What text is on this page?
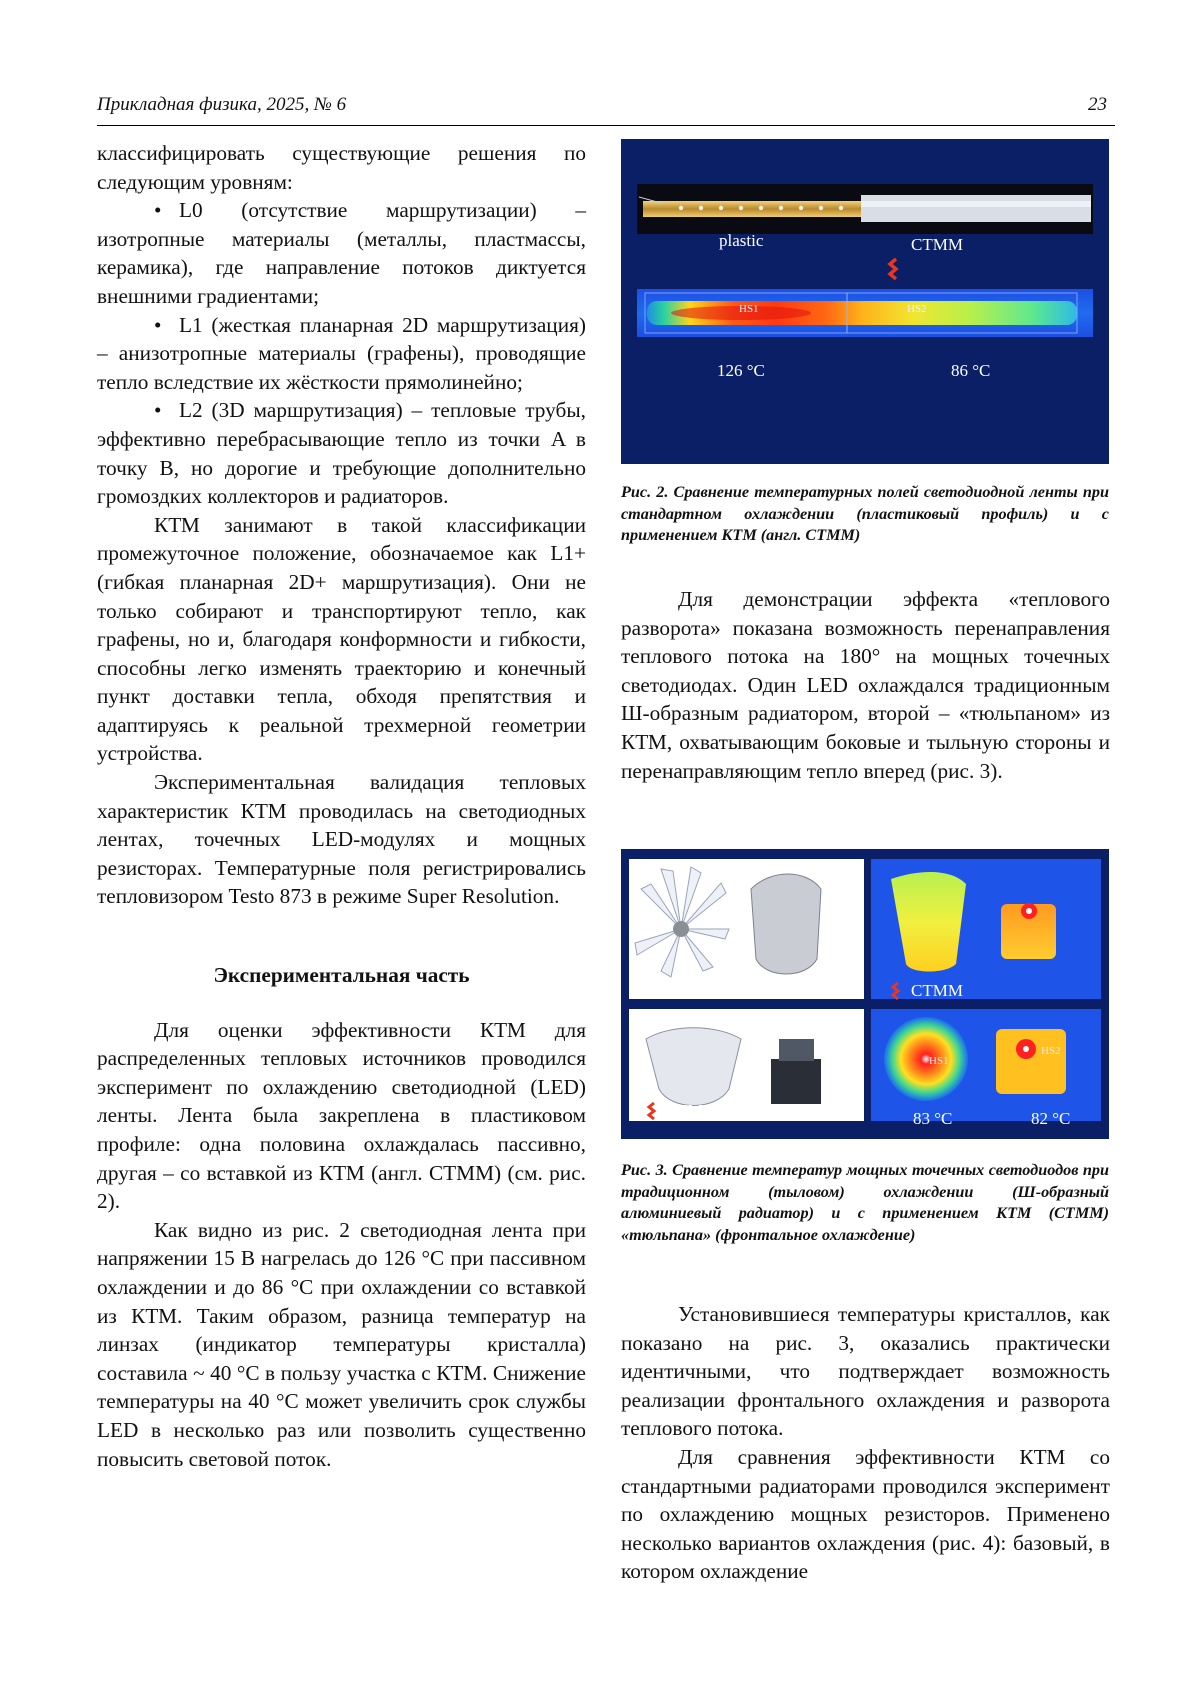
Прикладная физика, 2025, № 6	23

классифицировать существующие решения по следующим уровням:

• L0 (отсутствие маршрутизации) – изотропные материалы (металлы, пластмассы, керамика), где направление потоков диктуется внешними градиентами;

• L1 (жесткая планарная 2D маршрутизация) – анизотропные материалы (графены), проводящие тепло вследствие их жёсткости прямолинейно;

• L2 (3D маршрутизация) – тепловые трубы, эффективно перебрасывающие тепло из точки A в точку B, но дорогие и требующие дополнительно громоздких коллекторов и радиаторов.

КТМ занимают в такой классификации промежуточное положение, обозначаемое как L1+ (гибкая планарная 2D+ маршрутизация). Они не только собирают и транспортируют тепло, как графены, но и, благодаря конформности и гибкости, способны легко изменять траекторию и конечный пункт доставки тепла, обходя препятствия и адаптируясь к реальной трехмерной геометрии устройства.

Экспериментальная валидация тепловых характеристик КТМ проводилась на светодиодных лентах, точечных LED-модулях и мощных резисторах. Температурные поля регистрировались тепловизором Testo 873 в режиме Super Resolution.

Экспериментальная часть

Для оценки эффективности КТМ для распределенных тепловых источников проводился эксперимент по охлаждению светодиодной (LED) ленты. Лента была закреплена в пластиковом профиле: одна половина охлаждалась пассивно, другая – со вставкой из КТМ (англ. CTMM) (см. рис. 2).

Как видно из рис. 2 светодиодная лента при напряжении 15 В нагрелась до 126 °C при пассивном охлаждении и до 86 °C при охлаждении со вставкой из КТМ. Таким образом, разница температур на линзах (индикатор температуры кристалла) составила ~ 40 °C в пользу участка с КТМ. Снижение температуры на 40 °C может увеличить срок службы LED в несколько раз или позволить существенно повысить световой поток.

plastic	CTMM
HS1	HS2
126 °C	86 °C
Рис. 2. Сравнение температурных полей светодиодной ленты при стандартном охлаждении (пластиковый профиль) и с применением КТМ (англ. CTMM)

Для демонстрации эффекта «теплового разворота» показана возможность перенаправления теплового потока на 180° на мощных точечных светодиодах. Один LED охлаждался традиционным Ш-образным радиатором, второй – «тюльпаном» из КТМ, охватывающим боковые и тыльную стороны и перенаправляющим тепло вперед (рис. 3).

CTMM
CTMM	6,5V 1,6a
HS1
HS2
83 °C	82 °C
Рис. 3. Сравнение температур мощных точечных светодиодов при традиционном (тыловом) охлаждении (Ш-образный алюминиевый радиатор) и с применением КТМ (CTMM) «тюльпана» (фронтальное охлаждение)

Установившиеся температуры кристаллов, как показано на рис. 3, оказались практически идентичными, что подтверждает возможность реализации фронтального охлаждения и разворота теплового потока.

Для сравнения эффективности КТМ со стандартными радиаторами проводился эксперимент по охлаждению мощных резисторов. Применено несколько вариантов охлаждения (рис. 4): базовый, в котором охлаждение
